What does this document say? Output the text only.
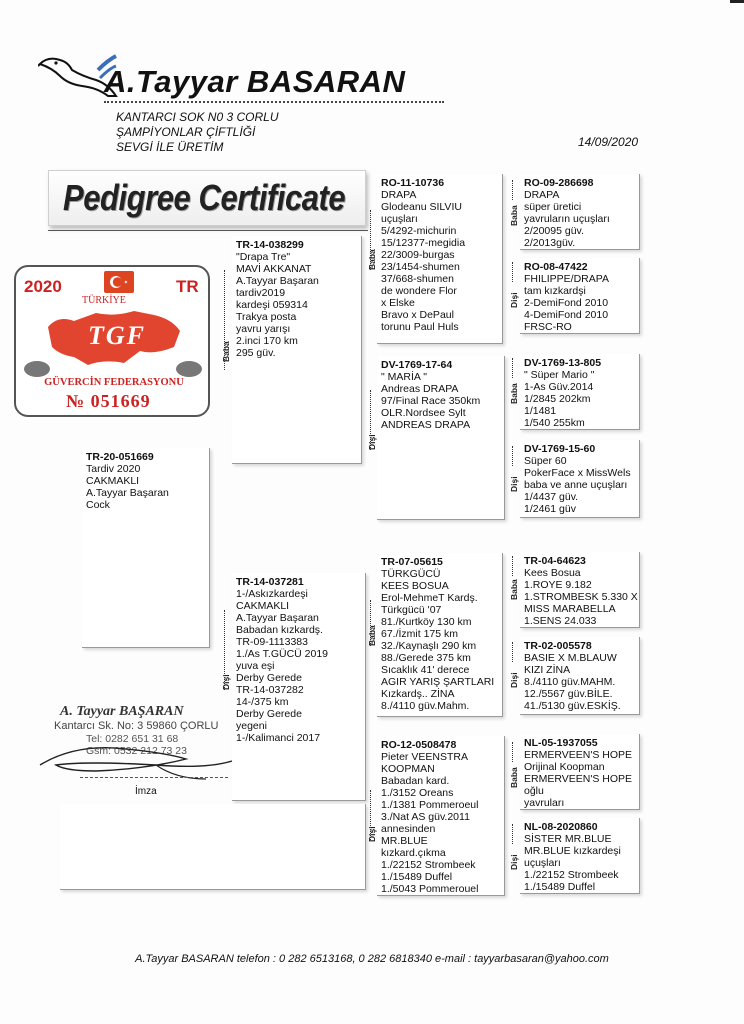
A.Tayyar BASARAN
KANTARCI SOK N0 3 CORLU
ŞAMPİYONLAR ÇİFTLİĞİ
SEVGİ İLE ÜRETİM	14/09/2020
Pedigree Certificate
2020	TR
TÜRKİYE
TGF
GÜVERCİN FEDERASYONU
№ 051669
TR-20-051669
Tardiv 2020
CAKMAKLI
A.Tayyar Başaran
Cock
Baba
TR-14-038299
"Drapa Tre"
MAVİ AKKANAT
A.Tayyar Başaran
tardiv2019
kardeşi 059314
Trakya posta
yavru yarışı
2.inci 170 km
295 güv.
Dişi
TR-14-037281
1-/Askızkardeşi
CAKMAKLI
A.Tayyar Başaran
Babadan kızkardş.
TR-09-1113383
1./As T.GÜCÜ 2019
yuva eşi
Derby Gerede
TR-14-037282
14-/375 km
Derby Gerede
yegeni
1-/Kalimanci 2017
Baba
RO-11-10736
DRAPA
Glodeanu SILVIU
uçuşları
5/4292-michurin
15/12377-megidia
22/3009-burgas
23/1454-shumen
37/668-shumen
de wondere Flor
x Elske
Bravo x DePaul
torunu Paul Huls
Dişi
DV-1769-17-64
" MARİA "
Andreas DRAPA
97/Final Race 350km
OLR.Nordsee Sylt
ANDREAS DRAPA
Baba
TR-07-05615
TÜRKGÜCÜ
KEES BOSUA
Erol-MehmeT Kardş.
Türkgücü '07
81./Kurtköy 130 km
67./İzmit 175 km
32./Kaynaşlı 290 km
88./Gerede 375 km
Sıcaklık 41' derece
AGIR YARIŞ ŞARTLARI
Kızkardş.. ZİNA
8./4110 güv.Mahm.
Dişi
RO-12-0508478
Pieter VEENSTRA
KOOPMAN
Babadan kard.
1./3152 Oreans
1./1381 Pommeroeul
3./Nat AS güv.2011
annesinden
MR.BLUE
kızkard.çıkma
1./22152 Strombeek
1./15489 Duffel
1./5043 Pommerouel
Baba
RO-09-286698
DRAPA
süper üretici
yavruların uçuşları
2/20095 güv.
2/2013güv.
Dişi
RO-08-47422
FHILIPPE/DRAPA
tam kızkardşi
2-DemiFond 2010
4-DemiFond 2010
FRSC-RO
Baba
DV-1769-13-805
" Süper Mario "
1-As Güv.2014
1/2845 202km
1/1481
1/540 255km
Dişi
DV-1769-15-60
Süper 60
PokerFace x MissWels
baba ve anne uçuşları
1/4437 güv.
1/2461 güv
Baba
TR-04-64623
Kees Bosua
1.ROYE 9.182
1.STROMBESK 5.330 X
MISS MARABELLA
1.SENS 24.033
Dişi
TR-02-005578
BASIE X M.BLAUW
KIZI ZİNA
8./4110 güv.MAHM.
12./5567 güv.BİLE.
41./5130 güv.ESKİŞ.
Baba
NL-05-1937055
ERMERVEEN'S HOPE
Orijinal Koopman
ERMERVEEN'S HOPE
oğlu
yavruları
Dişi
NL-08-2020860
SİSTER MR.BLUE
MR.BLUE kızkardeşi
uçuşları
1./22152 Strombeek
1./15489 Duffel
A. Tayyar BAŞARAN
Kantarcı Sk. No: 3 59860 ÇORLU
Tel: 0282 651 31 68
Gsm: 0532 212 73 23
İmza
A.Tayyar BASARAN telefon : 0 282 6513168, 0 282 6818340 e-mail : tayyarbasaran@yahoo.com
